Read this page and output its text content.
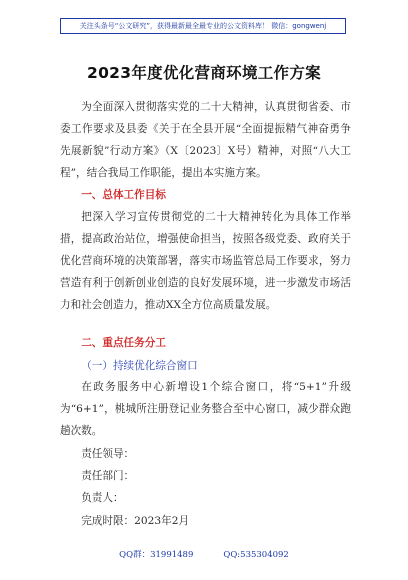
关注头条号“公文研究”，获得最新最全最专业的公文资料库！ 微信：gongwenj
2023年度优化营商环境工作方案
为全面深入贯彻落实党的二十大精神，认真贯彻省委、市委工作要求及县委《关于在全县开展“全面提振精气神奋勇争先展新貌”行动方案》（X〔2023〕X号）精神，对照“八大工程”，结合我局工作职能，提出本实施方案。
一、总体工作目标
把深入学习宣传贯彻党的二十大精神转化为具体工作举措，提高政治站位，增强使命担当，按照各级党委、政府关于优化营商环境的决策部署，落实市场监管总局工作要求，努力营造有利于创新创业创造的良好发展环境，进一步激发市场活力和社会创造力，推动XX全方位高质量发展。
二、重点任务分工
（一）持续优化综合窗口
在政务服务中心新增设1个综合窗口，将“5+1”升级为“6+1”，桃城所注册登记业务整合至中心窗口，减少群众跑趟次数。
责任领导：
责任部门：
负责人：
完成时限：2023年2月
QQ群：31991489	QQ:535304092
